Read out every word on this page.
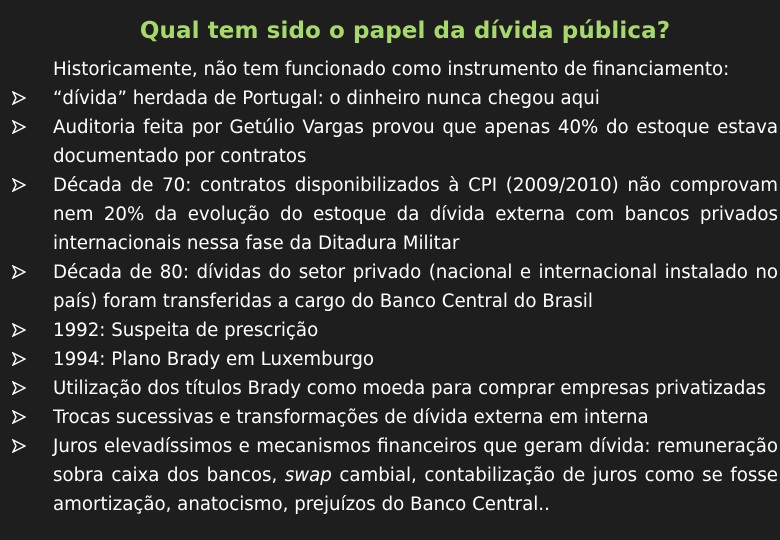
Qual tem sido o papel da dívida pública?

Historicamente, não tem funcionado como instrumento de financiamento:

“dívida” herdada de Portugal: o dinheiro nunca chegou aqui
Auditoria feita por Getúlio Vargas provou que apenas 40% do estoque estava documentado por contratos
Década de 70: contratos disponibilizados à CPI (2009/2010) não comprovam nem 20% da evolução do estoque da dívida externa com bancos privados internacionais nessa fase da Ditadura Militar
Década de 80: dívidas do setor privado (nacional e internacional instalado no país) foram transferidas a cargo do Banco Central do Brasil
1992: Suspeita de prescrição
1994: Plano Brady em Luxemburgo
Utilização dos títulos Brady como moeda para comprar empresas privatizadas
Trocas sucessivas e transformações de dívida externa em interna
Juros elevadíssimos e mecanismos financeiros que geram dívida: remuneração sobra caixa dos bancos, swap cambial, contabilização de juros como se fosse amortização, anatocismo, prejuízos do Banco Central..
